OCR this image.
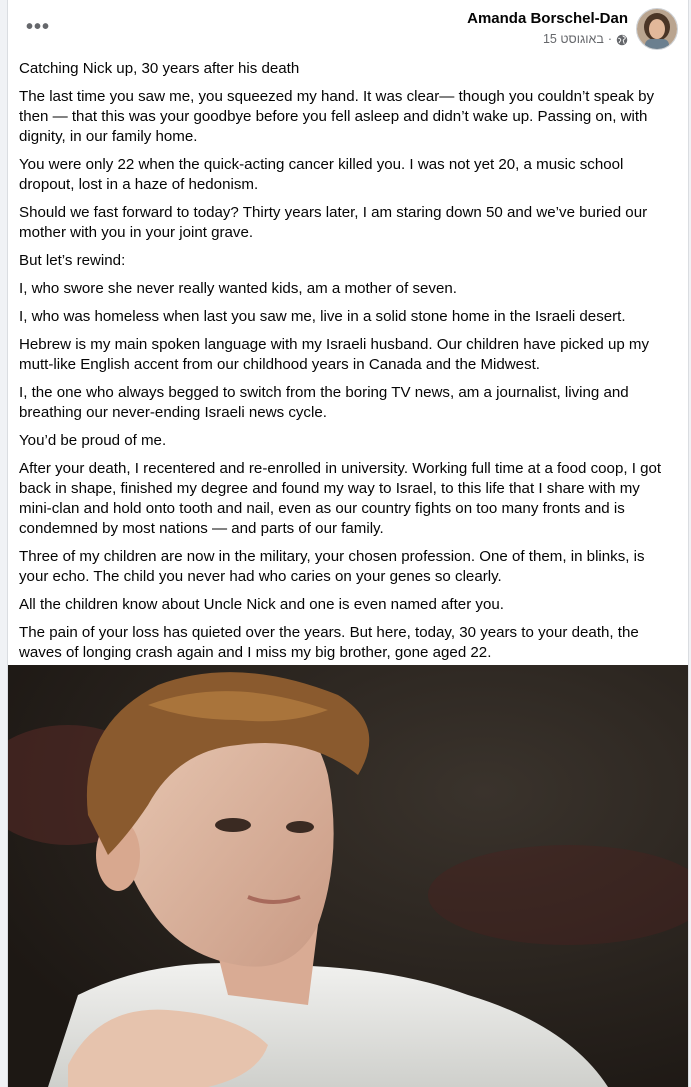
•••	Amanda Borschel-Dan
15 באוגוסט ·

Catching Nick up, 30 years after his death

The last time you saw me, you squeezed my hand. It was clear— though you couldn’t speak by then — that this was your goodbye before you fell asleep and didn’t wake up. Passing on, with dignity, in our family home.

You were only 22 when the quick-acting cancer killed you. I was not yet 20, a music school dropout, lost in a haze of hedonism.

Should we fast forward to today? Thirty years later, I am staring down 50 and we’ve buried our mother with you in your joint grave.

But let’s rewind:

I, who swore she never really wanted kids, am a mother of seven.

I, who was homeless when last you saw me, live in a solid stone home in the Israeli desert.

Hebrew is my main spoken language with my Israeli husband. Our children have picked up my mutt-like English accent from our childhood years in Canada and the Midwest.

I, the one who always begged to switch from the boring TV news, am a journalist, living and breathing our never-ending Israeli news cycle.

You’d be proud of me.

After your death, I recentered and re-enrolled in university. Working full time at a food coop, I got back in shape, finished my degree and found my way to Israel, to this life that I share with my mini-clan and hold onto tooth and nail, even as our country fights on too many fronts and is condemned by most nations — and parts of our family.

Three of my children are now in the military, your chosen profession. One of them, in blinks, is your echo. The child you never had who caries on your genes so clearly.

All the children know about Uncle Nick and one is even named after you.

The pain of your loss has quieted over the years. But here, today, 30 years to your death, the waves of longing crash again and I miss my big brother, gone aged 22.
